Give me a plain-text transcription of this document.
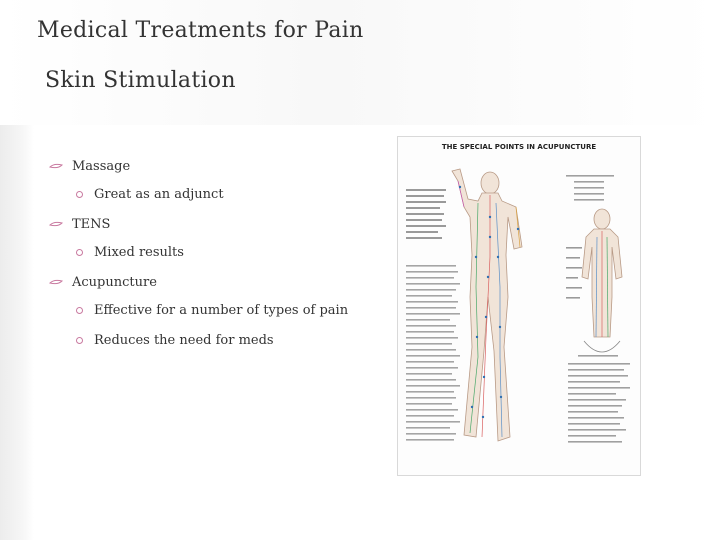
Medical Treatments for Pain
Skin Stimulation
Massage
Great as an adjunct
TENS
Mixed results
Acupuncture
Effective for a number of types of pain
Reduces the need for meds
THE SPECIAL POINTS IN ACUPUNCTURE
